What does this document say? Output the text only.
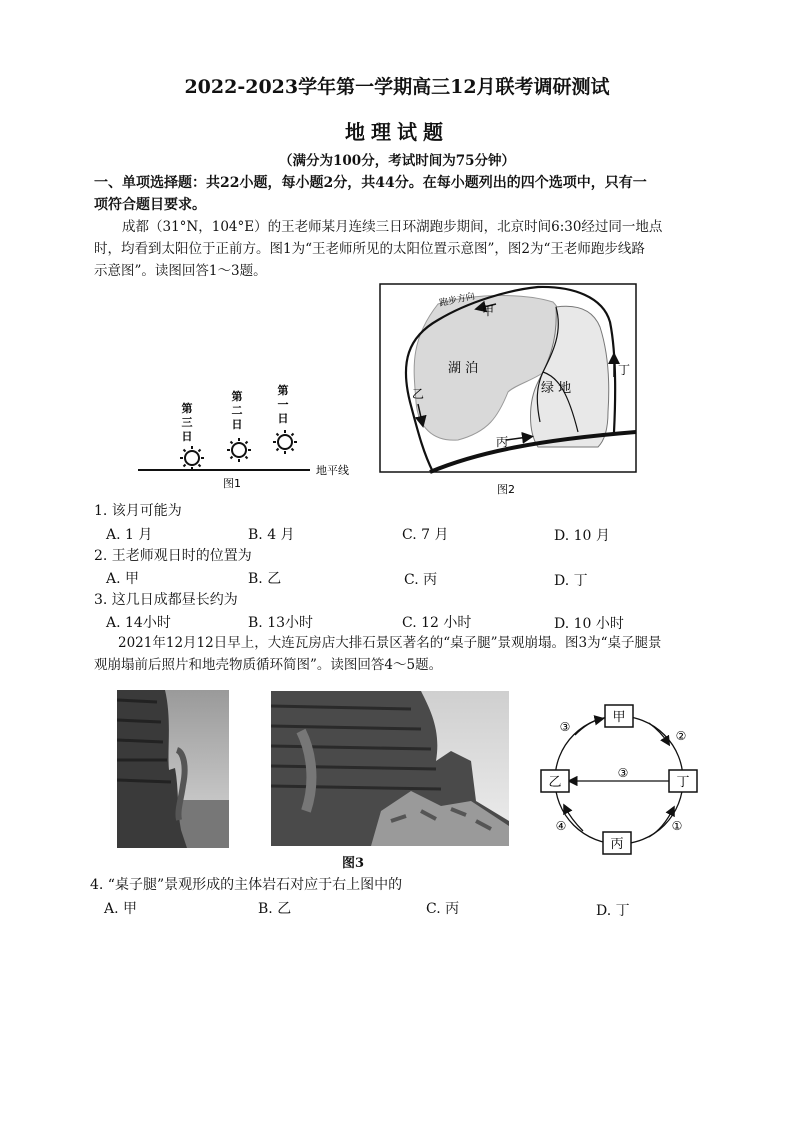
2022-2023学年第一学期高三12月联考调研测试
地理试题
（满分为100分，考试时间为75分钟）
一、单项选择题：共22小题，每小题2分，共44分。在每小题列出的四个选项中，只有一
项符合题目要求。
成都（31°N，104°E）的王老师某月连续三日环湖跑步期间，北京时间6:30经过同一地点
时，均看到太阳位于正前方。图1为“王老师所见的太阳位置示意图”，图2为“王老师跑步线路
示意图”。读图回答1～3题。
地平线
第
三
日
第
二
日
第
一
日
图1
跑步方向
甲
湖 泊
绿 地
乙
丙
丁
图2
1. 该月可能为
A. 1 月	B. 4 月	C. 7 月	D. 10 月
2. 王老师观日时的位置为
A. 甲	B. 乙	C. 丙	D. 丁
3. 这几日成都昼长约为
A. 14小时	B. 13小时	C. 12 小时	D. 10 小时
2021年12月12日早上，大连瓦房店大排石景区著名的“桌子腿”景观崩塌。图3为“桌子腿景
观崩塌前后照片和地壳物质循环简图”。读图回答4～5题。
图3
甲
乙
丙
丁
③
②
③
④	①
4. “桌子腿”景观形成的主体岩石对应于右上图中的
A. 甲	B. 乙	C. 丙	D. 丁
